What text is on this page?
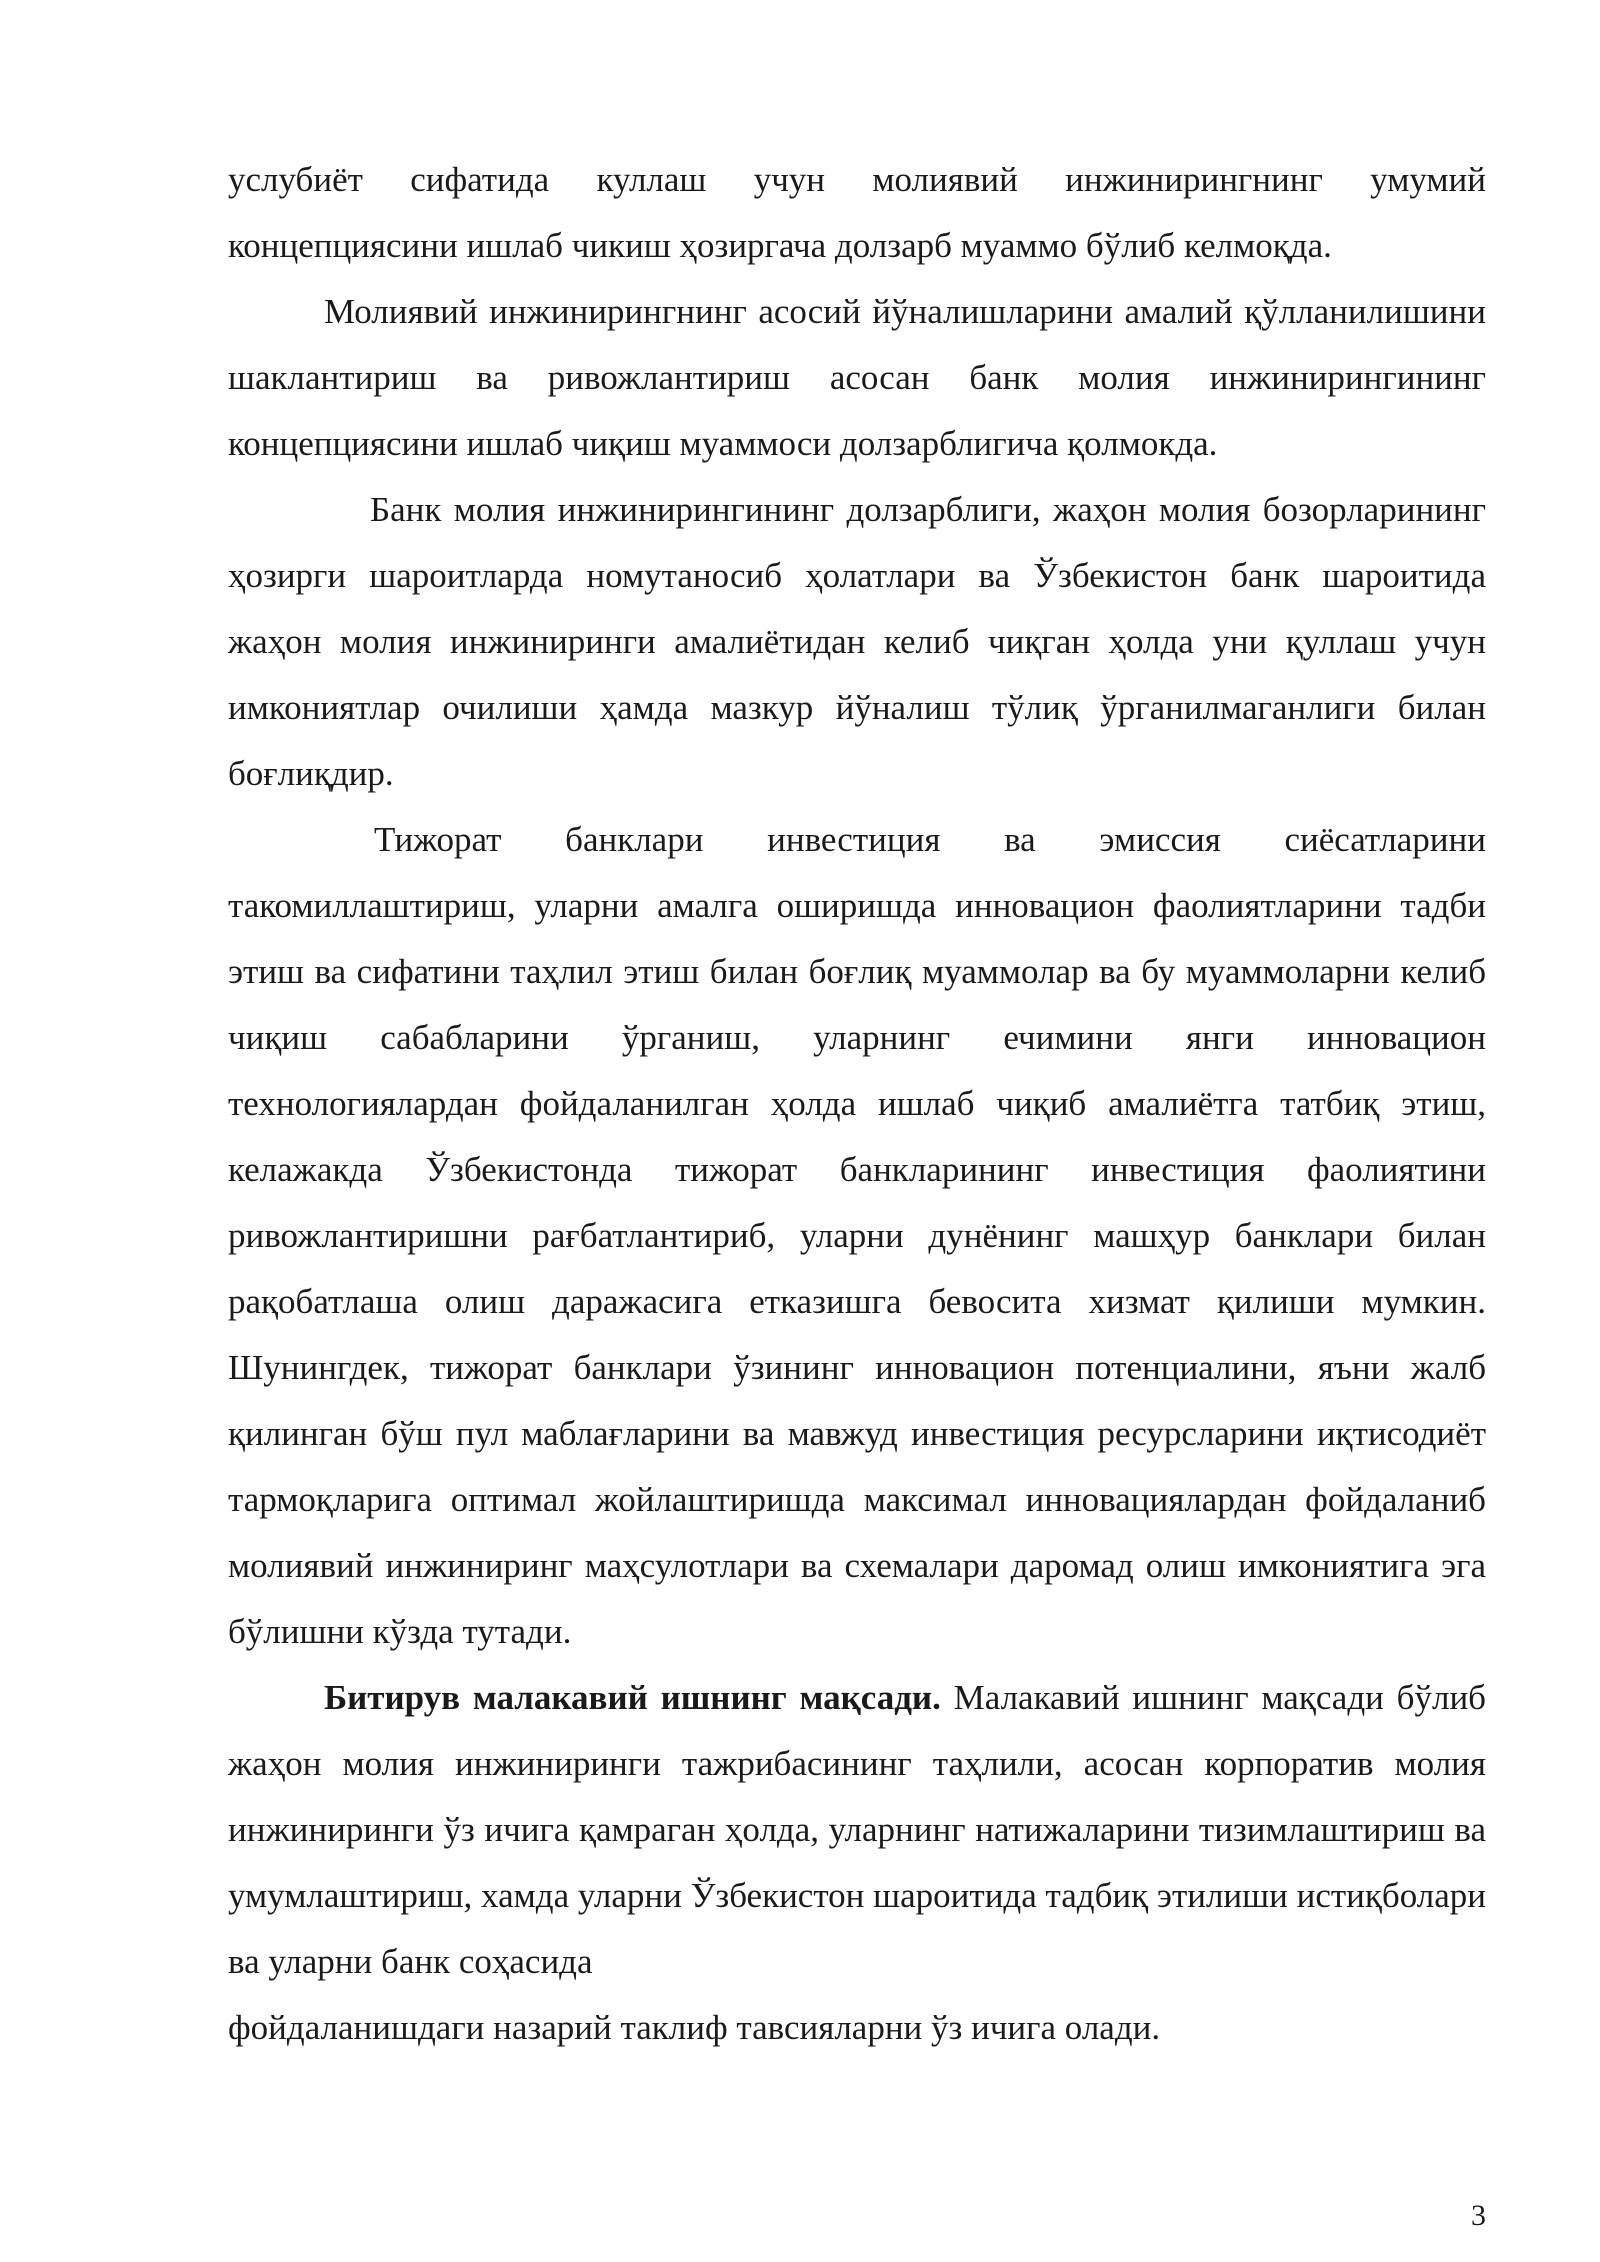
услубиёт сифатида куллаш учун молиявий инжинирингнинг умумий концепциясини ишлаб чикиш ҳозиргача долзарб муаммо бўлиб келмоқда.

Молиявий инжинирингнинг асосий йўналишларини амалий қўлланилишини шаклантириш ва ривожлантириш асосан банк молия инжинирингининг концепциясини ишлаб чиқиш муаммоси долзарблигича қолмокда.

Банк молия инжинирингининг долзарблиги, жаҳон молия бозорларининг ҳозирги шароитларда номутаносиб ҳолатлари ва Ўзбекистон банк шароитида жаҳон молия инжиниринги амалиётидан келиб чиқган ҳолда уни қуллаш учун имкониятлар очилиши ҳамда мазкур йўналиш тўлиқ ўрганилмаганлиги билан боғлиқдир.

Тижорат банклари инвестиция ва эмиссия сиёсатларини такомиллаштириш, уларни амалга оширишда инновацион фаолиятларини тадби этиш ва сифатини таҳлил этиш билан боғлиқ муаммолар ва бу муаммоларни келиб чиқиш сабабларини ўрганиш, уларнинг ечимини янги инновацион технологиялардан фойдаланилган ҳолда ишлаб чиқиб амалиётга татбиқ этиш, келажакда Ўзбекистонда тижорат банкларининг инвестиция фаолиятини ривожлантиришни рағбатлантириб, уларни дунёнинг машҳур банклари билан рақобатлаша олиш даражасига етказишга бевосита хизмат қилиши мумкин. Шунингдек, тижорат банклари ўзининг инновацион потенциалини, яъни жалб қилинган бўш пул маблағларини ва мавжуд инвестиция ресурсларини иқтисодиёт тармоқларига оптимал жойлаштиришда максимал инновациялардан фойдаланиб молиявий инжиниринг маҳсулотлари ва схемалари даромад олиш имкониятига эга бўлишни кўзда тутади.

Битирув малакавий ишнинг мақсади. Малакавий ишнинг мақсади бўлиб жаҳон молия инжиниринги тажрибасининг таҳлили, асосан корпоратив молия инжиниринги ўз ичига қамраган ҳолда, уларнинг натижаларини тизимлаштириш ва умумлаштириш, хамда уларни Ўзбекистон шароитида тадбиқ этилиши истиқболари ва уларни банк соҳасида

фойдаланишдаги назарий таклиф тавсияларни ўз ичига олади.

3
